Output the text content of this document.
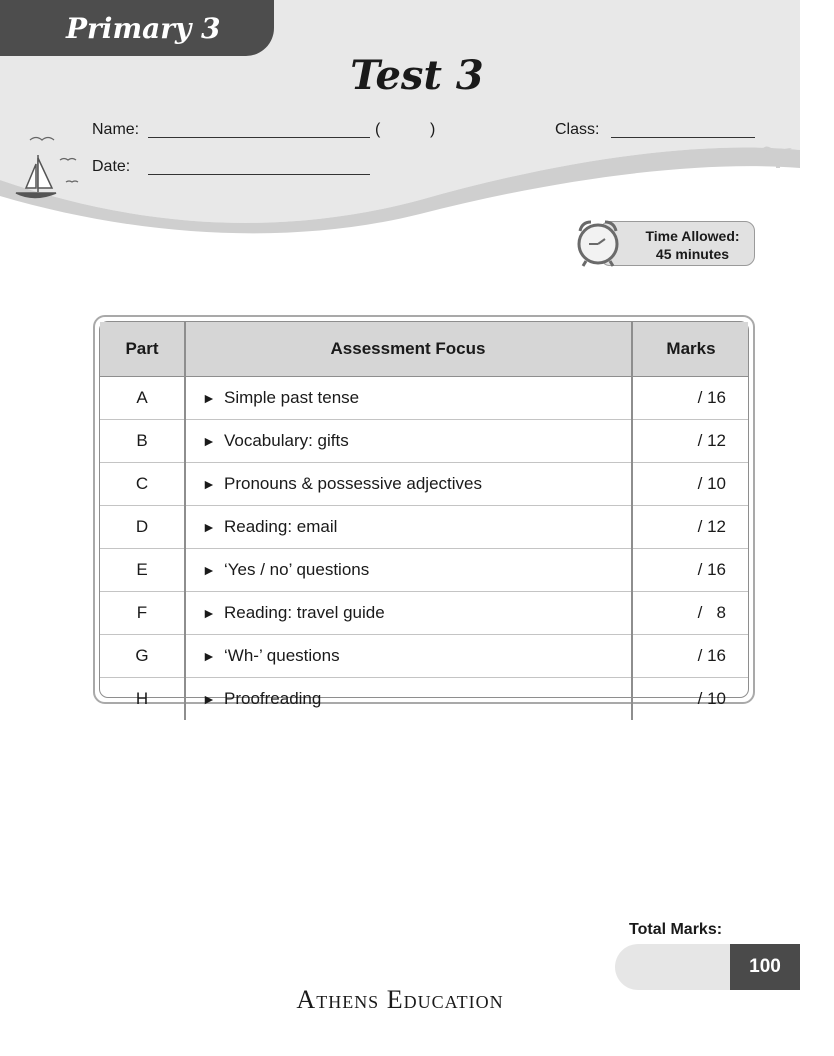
Primary 3
Test 3
Name:	(	)	Class:
Date:
Time Allowed:
45 minutes
Part	Assessment Focus	Marks
A	► Simple past tense	/ 16
B	► Vocabulary: gifts	/ 12
C	► Pronouns & possessive adjectives	/ 10
D	► Reading: email	/ 12
E	► ‘Yes / no’ questions	/ 16
F	► Reading: travel guide	/   8
G	► ‘Wh-’ questions	/ 16
H	► Proofreading	/ 10
Total Marks:
100
Athens Education
